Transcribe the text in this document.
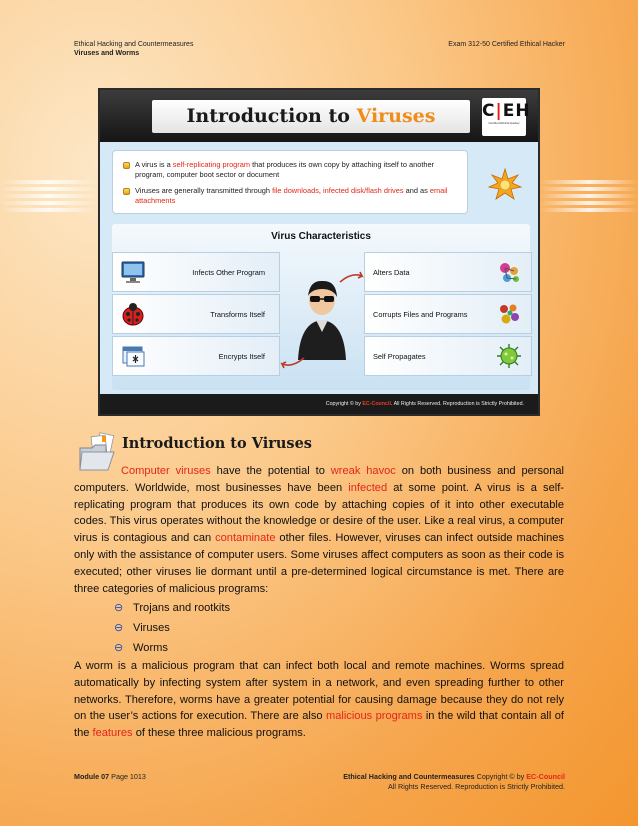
Ethical Hacking and Countermeasures
Viruses and Worms
Exam 312-50 Certified Ethical Hacker
Introduction to Viruses	C|EH
Certified Ethical Hacker
A virus is a self-replicating program that produces its own copy by attaching itself to another program, computer boot sector or document
Viruses are generally transmitted through file downloads, infected disk/flash drives and as email attachments
Virus Characteristics
Infects Other Program
Transforms Itself
Encrypts Itself
Alters Data
Corrupts Files and Programs
Self Propagates
Copyright © by EC-Council. All Rights Reserved. Reproduction is Strictly Prohibited.
Introduction to Viruses

Computer viruses have the potential to wreak havoc on both business and personal computers. Worldwide, most businesses have been infected at some point. A virus is a self-replicating program that produces its own code by attaching copies of it into other executable codes. This virus operates without the knowledge or desire of the user. Like a real virus, a computer virus is contagious and can contaminate other files. However, viruses can infect outside machines only with the assistance of computer users. Some viruses affect computers as soon as their code is executed; other viruses lie dormant until a pre-determined logical circumstance is met. There are three categories of malicious programs:

⊖ Trojans and rootkits
⊖ Viruses
⊖ Worms

A worm is a malicious program that can infect both local and remote machines. Worms spread automatically by infecting system after system in a network, and even spreading further to other networks. Therefore, worms have a greater potential for causing damage because they do not rely on the user’s actions for execution. There are also malicious programs in the wild that contain all of the features of these three malicious programs.

Module 07 Page 1013	Ethical Hacking and Countermeasures Copyright © by EC-Council
All Rights Reserved. Reproduction is Strictly Prohibited.
